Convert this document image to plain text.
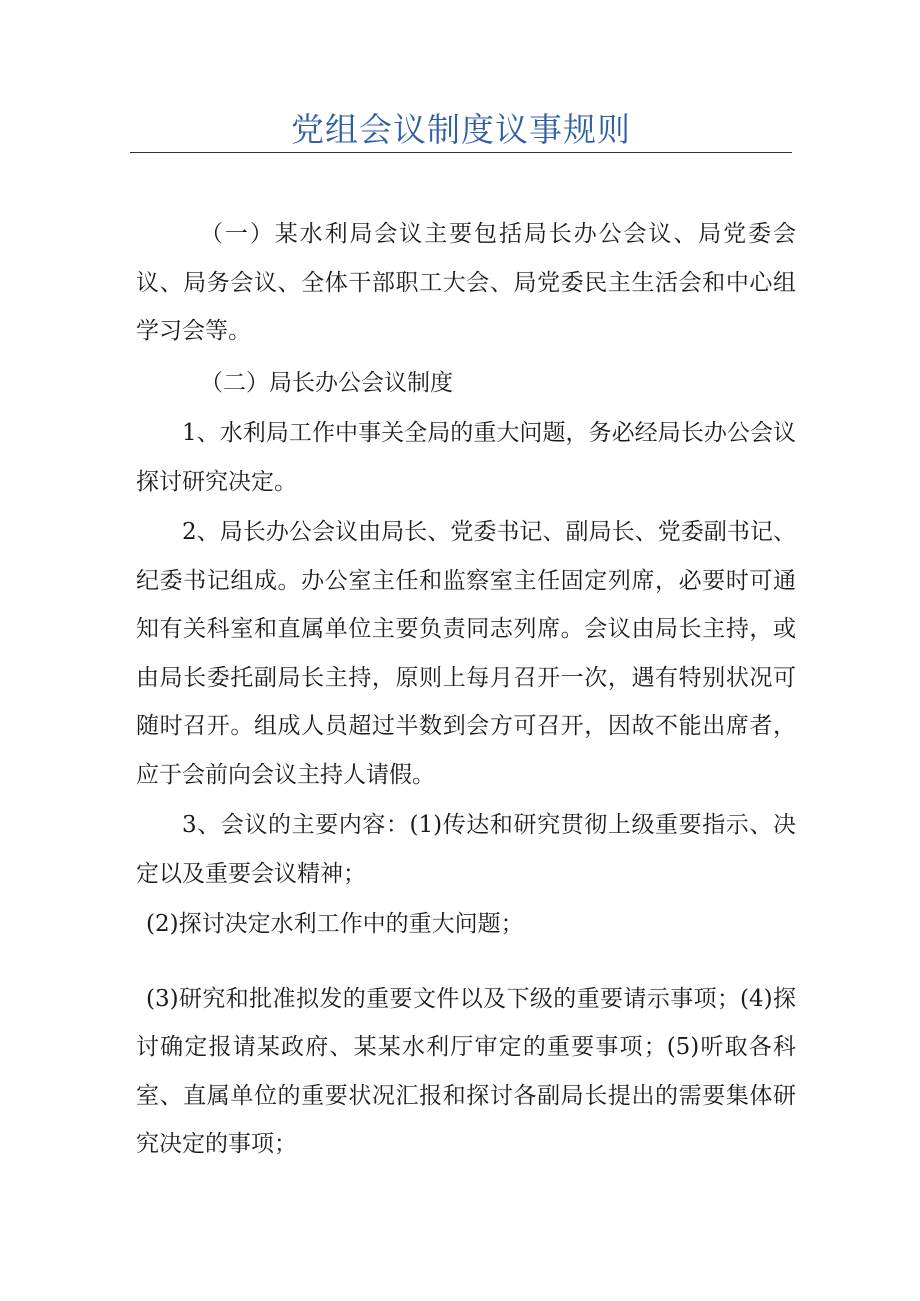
党组会议制度议事规则

（一）某水利局会议主要包括局长办公会议、局党委会议、局务会议、全体干部职工大会、局党委民主生活会和中心组学习会等。

（二）局长办公会议制度

1、水利局工作中事关全局的重大问题，务必经局长办公会议探讨研究决定。

2、局长办公会议由局长、党委书记、副局长、党委副书记、纪委书记组成。办公室主任和监察室主任固定列席，必要时可通知有关科室和直属单位主要负责同志列席。会议由局长主持，或由局长委托副局长主持，原则上每月召开一次，遇有特别状况可随时召开。组成人员超过半数到会方可召开，因故不能出席者，应于会前向会议主持人请假。

3、会议的主要内容：(1)传达和研究贯彻上级重要指示、决定以及重要会议精神；

(2)探讨决定水利工作中的重大问题；

(3)研究和批准拟发的重要文件以及下级的重要请示事项；(4)探讨确定报请某政府、某某水利厅审定的重要事项；(5)听取各科室、直属单位的重要状况汇报和探讨各副局长提出的需要集体研究决定的事项；
